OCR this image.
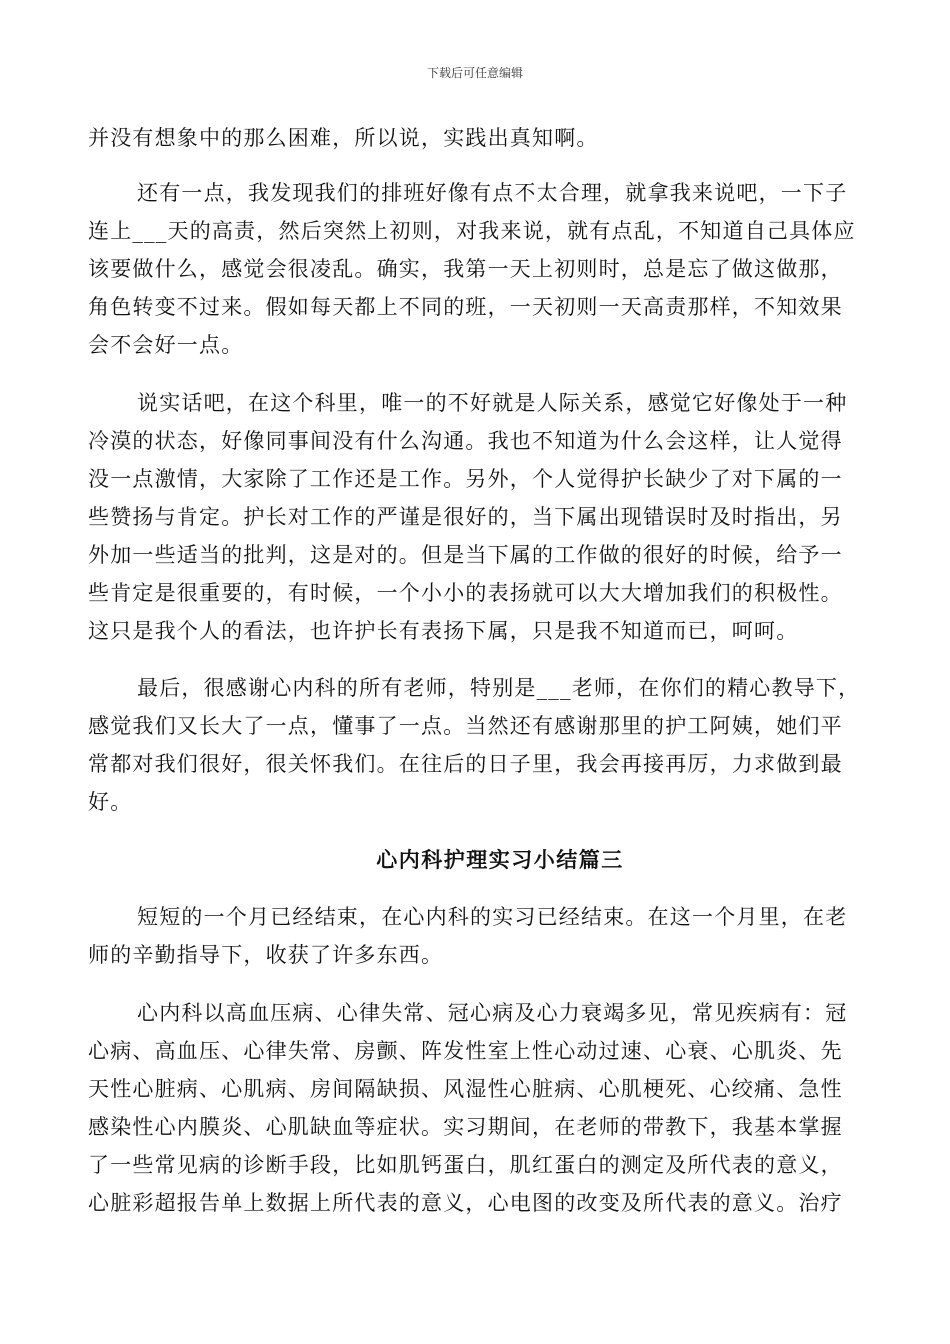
下载后可任意编辑
并没有想象中的那么困难，所以说，实践出真知啊。
还有一点，我发现我们的排班好像有点不太合理，就拿我来说吧，一下子
连上___天的高责，然后突然上初则，对我来说，就有点乱，不知道自己具体应
该要做什么，感觉会很凌乱。确实，我第一天上初则时，总是忘了做这做那，
角色转变不过来。假如每天都上不同的班，一天初则一天高责那样，不知效果
会不会好一点。
说实话吧，在这个科里，唯一的不好就是人际关系，感觉它好像处于一种
冷漠的状态，好像同事间没有什么沟通。我也不知道为什么会这样，让人觉得
没一点激情，大家除了工作还是工作。另外，个人觉得护长缺少了对下属的一
些赞扬与肯定。护长对工作的严谨是很好的，当下属出现错误时及时指出，另
外加一些适当的批判，这是对的。但是当下属的工作做的很好的时候，给予一
些肯定是很重要的，有时候，一个小小的表扬就可以大大增加我们的积极性。
这只是我个人的看法，也许护长有表扬下属，只是我不知道而已，呵呵。
最后，很感谢心内科的所有老师，特别是___老师，在你们的精心教导下，
感觉我们又长大了一点，懂事了一点。当然还有感谢那里的护工阿姨，她们平
常都对我们很好，很关怀我们。在往后的日子里，我会再接再厉，力求做到最
好。
心内科护理实习小结篇三
短短的一个月已经结束，在心内科的实习已经结束。在这一个月里，在老
师的辛勤指导下，收获了许多东西。
心内科以高血压病、心律失常、冠心病及心力衰竭多见，常见疾病有：冠
心病、高血压、心律失常、房颤、阵发性室上性心动过速、心衰、心肌炎、先
天性心脏病、心肌病、房间隔缺损、风湿性心脏病、心肌梗死、心绞痛、急性
感染性心内膜炎、心肌缺血等症状。实习期间，在老师的带教下，我基本掌握
了一些常见病的诊断手段，比如肌钙蛋白，肌红蛋白的测定及所代表的意义，
心脏彩超报告单上数据上所代表的意义，心电图的改变及所代表的意义。治疗
